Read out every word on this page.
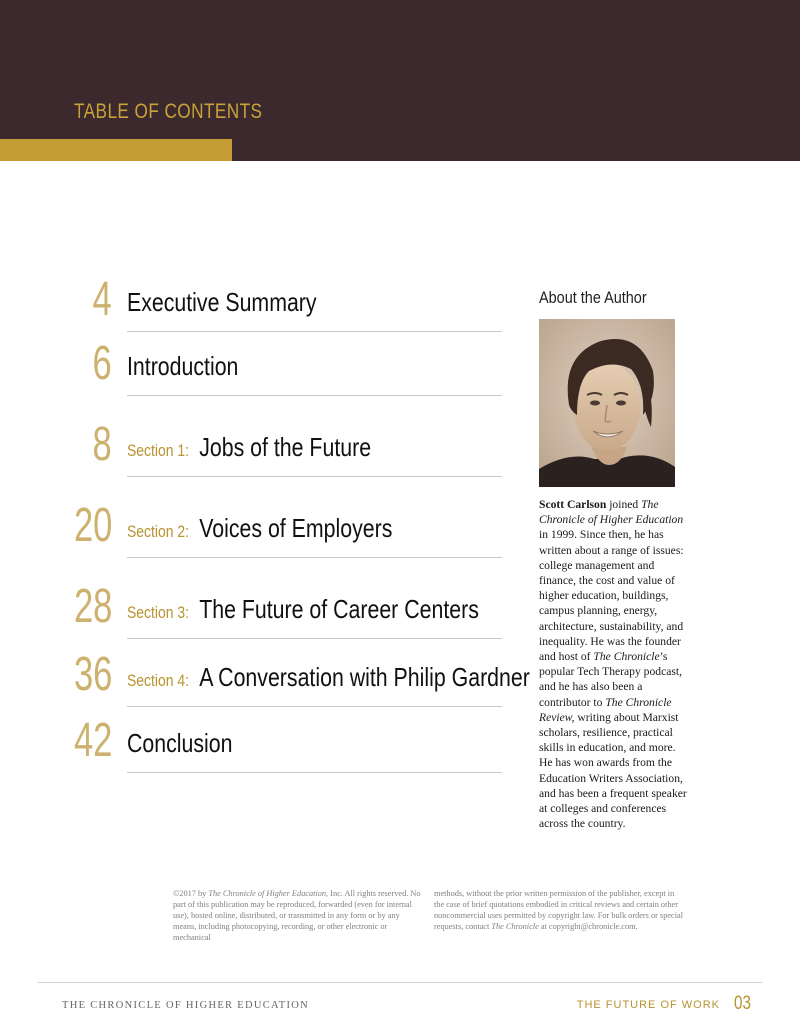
TABLE OF CONTENTS
4 Executive Summary
6 Introduction
8 Section 1: Jobs of the Future
20 Section 2: Voices of Employers
28 Section 3: The Future of Career Centers
36 Section 4: A Conversation with Philip Gardner
42 Conclusion
About the Author
Scott Carlson joined The Chronicle of Higher Education in 1999. Since then, he has written about a range of issues: college management and finance, the cost and value of higher education, buildings, campus planning, energy, architecture, sustainability, and inequality. He was the founder and host of The Chronicle’s popular Tech Therapy podcast, and he has also been a contributor to The Chronicle Review, writing about Marxist scholars, resilience, practical skills in education, and more. He has won awards from the Education Writers Association, and has been a frequent speaker at colleges and conferences across the country.
©2017 by The Chronicle of Higher Education, Inc. All rights reserved. No part of this publication may be reproduced, forwarded (even for internal use), hosted online, distributed, or transmitted in any form or by any means, including photocopying, recording, or other electronic or mechanical
methods, without the prior written permission of the publisher, except in the case of brief quotations embodied in critical reviews and certain other noncommercial uses permitted by copyright law. For bulk orders or special requests, contact The Chronicle at copyright@chronicle.com.
THE CHRONICLE OF HIGHER EDUCATION	THE FUTURE OF WORK 03
